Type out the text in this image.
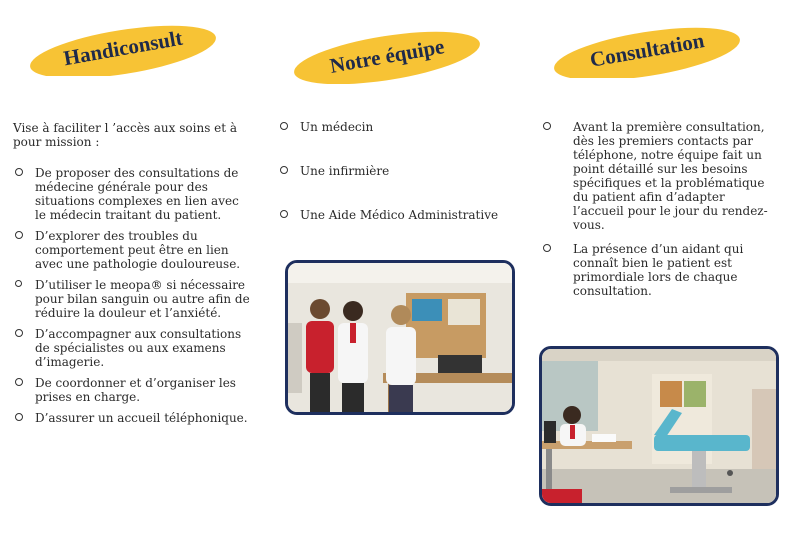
Handiconsult
Vise à faciliter l ’accès aux soins et à pour mission :
De proposer des consultations de médecine générale pour des situations complexes en lien avec le médecin traitant du patient.
D’explorer des troubles du comportement peut être en lien avec une pathologie douloureuse.
D’utiliser le meopa® si nécessaire pour bilan sanguin ou autre afin de réduire la douleur et l’anxiété.
D’accompagner aux consultations de spécialistes ou aux examens d’imagerie.
De coordonner et d’organiser les prises en charge.
D’assurer un accueil téléphonique.
Notre équipe
Un médecin
Une infirmière
Une Aide Médico Administrative
Consultation
Avant la première consultation, dès les premiers contacts par téléphone, notre équipe fait un point détaillé sur les besoins spécifiques et la problématique du patient afin d’adapter l’accueil pour le jour du rendez-vous.
La présence d’un aidant qui connaît bien le patient est primordiale lors de chaque consultation.
